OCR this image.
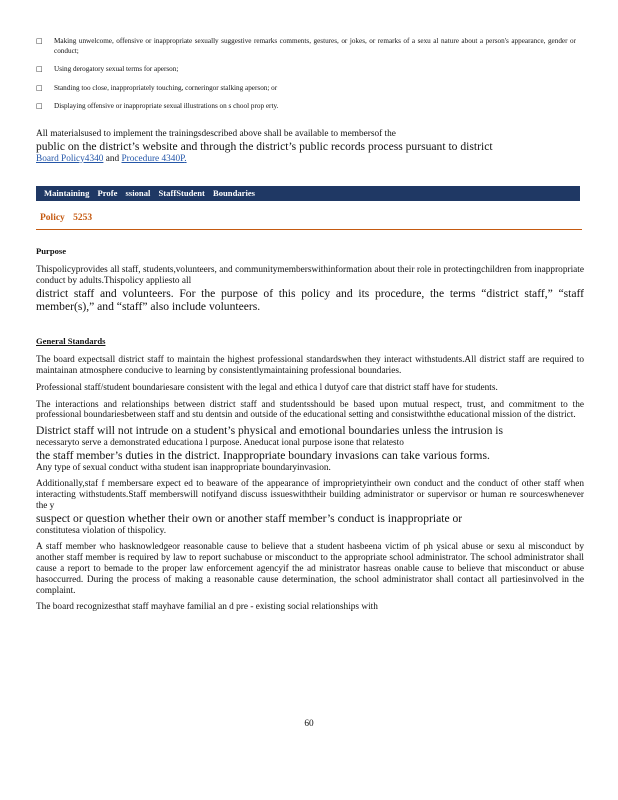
□	Making unwelcome, offensive or inappropriate sexually suggestive remarks comments, gestures, or jokes, or remarks of a sexu al nature about a person's appearance, gender or conduct;
□	Using derogatory sexual terms for aperson;
□	Standing too close, inappropriately touching, corneringor stalking aperson; or
□	Displaying offensive or inappropriate sexual illustrations on s chool prop erty.
All materialsused to implement the trainingsdescribed above shall be available to membersof the
public on the district’s website and through the district’s public records process pursuant to district
Board Policy4340 and Procedure 4340P.
Maintaining Profe ssional StaffStudent Boundaries
Policy 5253
Purpose
Thispolicyprovides all staff, students,volunteers, and communitymemberswithinformation about their role in protectingchildren from inappropriate conduct by adults.Thispolicy appliesto all
district staff and volunteers. For the purpose of this policy and its procedure, the terms “district staff,” “staff member(s),” and “staff” also include volunteers.
General Standards
The board expectsall district staff to maintain the highest professional standardswhen they interact withstudents.All district staff are required to maintainan atmosphere conducive to learning by consistentlymaintaining professional boundaries.
Professional staff/student boundariesare consistent with the legal and ethica l dutyof care that district staff have for students.
The interactions and relationships between district staff and studentsshould be based upon mutual respect, trust, and commitment to the professional boundariesbetween staff and stu dentsin and outside of the educational setting and consistwiththe educational mission of the district.
District staff will not intrude on a student’s physical and emotional boundaries unless the intrusion is
necessaryto serve a demonstrated educationa l purpose. Aneducat ional purpose isone that relatesto
the staff member’s duties in the district. Inappropriate boundary invasions can take various forms.
Any type of sexual conduct witha student isan inappropriate boundaryinvasion.
Additionally,staf f membersare expect ed to beaware of the appearance of improprietyintheir own conduct and the conduct of other staff when interacting withstudents.Staff memberswill notifyand discuss issueswiththeir building administrator or supervisor or human re sourceswhenever the y
suspect or question whether their own or another staff member’s conduct is inappropriate or
constitutesa violation of thispolicy.
A staff member who hasknowledgeor reasonable cause to believe that a student hasbeena victim of ph ysical abuse or sexu al misconduct by another staff member is required by law to report suchabuse or misconduct to the appropriate school administrator. The school administrator shall cause a report to bemade to the proper law enforcement agencyif the ad ministrator hasreas onable cause to believe that misconduct or abuse hasoccurred. During the process of making a reasonable cause determination, the school administrator shall contact all partiesinvolved in the complaint.
The board recognizesthat staff mayhave familial an d pre - existing social relationships with
60
